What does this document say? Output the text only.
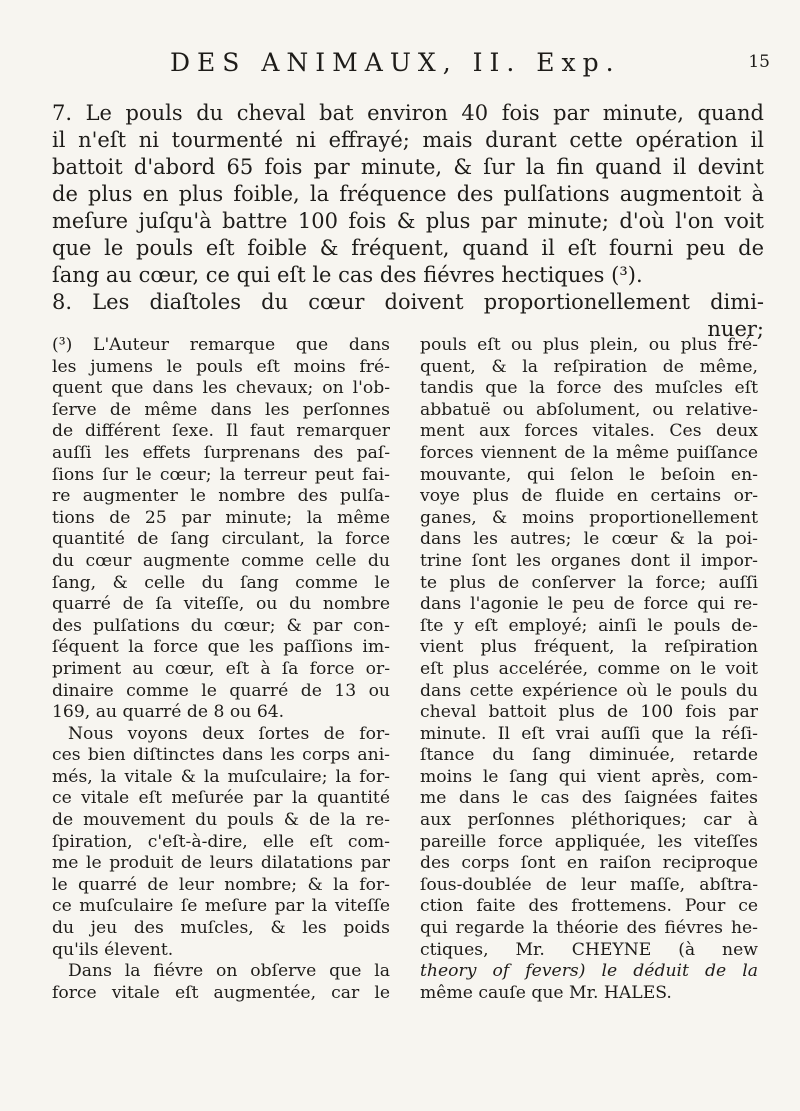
DES ANIMAUX, II. Exp.	15
7. Le pouls du cheval bat environ 40 fois par minute, quand
il n'eſt ni tourmenté ni effrayé; mais durant cette opération il
battoit d'abord 65 fois par minute, & ſur la fin quand il devint
de plus en plus foible, la fréquence des pulſations augmentoit à
meſure juſqu'à battre 100 fois & plus par minute; d'où l'on voit
que le pouls eſt foible & fréquent, quand il eſt fourni peu de
ſang au cœur, ce qui eſt le cas des fiévres hectiques (³).
8. Les diaſtoles du cœur doivent proportionellement dimi-
nuer;
(³) L'Auteur remarque que dans
les jumens le pouls eſt moins fré-
quent que dans les chevaux; on l'ob-
ſerve de même dans les perſonnes
de différent ſexe. Il faut remarquer
auſſi les effets ſurprenans des paſ-
ſions ſur le cœur; la terreur peut fai-
re augmenter le nombre des pulſa-
tions de 25 par minute; la même
quantité de ſang circulant, la force
du cœur augmente comme celle du
ſang, & celle du ſang comme le
quarré de ſa viteſſe, ou du nombre
des pulſations du cœur; & par con-
ſéquent la force que les paſſions im-
priment au cœur, eſt à ſa force or-
dinaire comme le quarré de 13 ou
169, au quarré de 8 ou 64.
Nous voyons deux ſortes de for-
ces bien diſtinctes dans les corps ani-
més, la vitale & la muſculaire; la for-
ce vitale eſt meſurée par la quantité
de mouvement du pouls & de la re-
ſpiration, c'eſt-à-dire, elle eſt com-
me le produit de leurs dilatations par
le quarré de leur nombre; & la for-
ce muſculaire ſe meſure par la viteſſe
du jeu des muſcles, & les poids
qu'ils élevent.
Dans la fiévre on obſerve que la
force vitale eſt augmentée, car le
pouls eſt ou plus plein, ou plus fré-
quent, & la reſpiration de même,
tandis que la force des muſcles eſt
abbatuë ou abſolument, ou relative-
ment aux forces vitales. Ces deux
forces viennent de la même puiſſance
mouvante, qui ſelon le beſoin en-
voye plus de fluide en certains or-
ganes, & moins proportionellement
dans les autres; le cœur & la poi-
trine ſont les organes dont il impor-
te plus de conſerver la force; auſſi
dans l'agonie le peu de force qui re-
ſte y eſt employé; ainſi le pouls de-
vient plus fréquent, la reſpiration
eſt plus accelérée, comme on le voit
dans cette expérience où le pouls du
cheval battoit plus de 100 fois par
minute. Il eſt vrai auſſi que la réſi-
ſtance du ſang diminuée, retarde
moins le ſang qui vient après, com-
me dans le cas des ſaignées faites
aux perſonnes pléthoriques; car à
pareille force appliquée, les viteſſes
des corps ſont en raiſon reciproque
ſous-doublée de leur maſſe, abſtra-
ction faite des frottemens. Pour ce
qui regarde la théorie des fiévres he-
ctiques, Mr. CHEYNE (à new
theory of fevers) le déduit de la
même cauſe que Mr. HALES.
